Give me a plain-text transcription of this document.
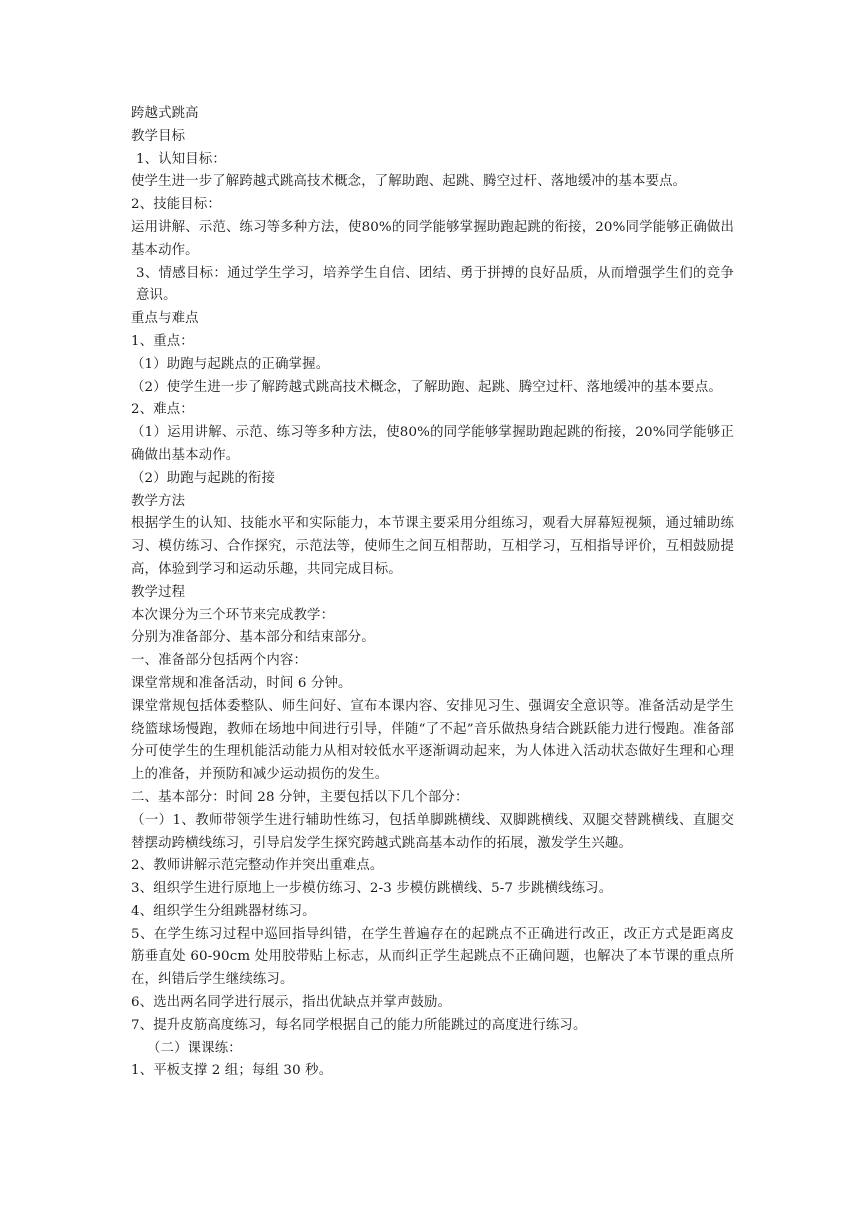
跨越式跳高

教学目标

1、认知目标：

使学生进一步了解跨越式跳高技术概念，了解助跑、起跳、腾空过杆、落地缓冲的基本要点。

2、技能目标：

运用讲解、示范、练习等多种方法，使80%的同学能够掌握助跑起跳的衔接，20%同学能够正确做出基本动作。

3、情感目标：通过学生学习，培养学生自信、团结、勇于拼搏的良好品质，从而增强学生们的竞争意识。

重点与难点

1、重点：

（1）助跑与起跳点的正确掌握。

（2）使学生进一步了解跨越式跳高技术概念，了解助跑、起跳、腾空过杆、落地缓冲的基本要点。

2、难点：

（1）运用讲解、示范、练习等多种方法，使80%的同学能够掌握助跑起跳的衔接，20%同学能够正确做出基本动作。

（2）助跑与起跳的衔接

教学方法

根据学生的认知、技能水平和实际能力，本节课主要采用分组练习，观看大屏幕短视频，通过辅助练习、模仿练习、合作探究，示范法等，使师生之间互相帮助，互相学习，互相指导评价，互相鼓励提高，体验到学习和运动乐趣，共同完成目标。

教学过程

本次课分为三个环节来完成教学：

分别为准备部分、基本部分和结束部分。

一、准备部分包括两个内容：

课堂常规和准备活动，时间 6 分钟。

课堂常规包括体委整队、师生问好、宣布本课内容、安排见习生、强调安全意识等。准备活动是学生绕篮球场慢跑，教师在场地中间进行引导，伴随“了不起”音乐做热身结合跳跃能力进行慢跑。准备部分可使学生的生理机能活动能力从相对较低水平逐渐调动起来，为人体进入活动状态做好生理和心理上的准备，并预防和减少运动损伤的发生。

二、基本部分：时间 28 分钟，主要包括以下几个部分：

（一）1、教师带领学生进行辅助性练习，包括单脚跳横线、双脚跳横线、双腿交替跳横线、直腿交替摆动跨横线练习，引导启发学生探究跨越式跳高基本动作的拓展，激发学生兴趣。

2、教师讲解示范完整动作并突出重难点。

3、组织学生进行原地上一步模仿练习、2-3 步模仿跳横线、5-7 步跳横线练习。

4、组织学生分组跳器材练习。

5、在学生练习过程中巡回指导纠错，在学生普遍存在的起跳点不正确进行改正，改正方式是距离皮筋垂直处 60-90cm 处用胶带贴上标志，从而纠正学生起跳点不正确问题，也解决了本节课的重点所在，纠错后学生继续练习。

6、选出两名同学进行展示，指出优缺点并掌声鼓励。

7、提升皮筋高度练习，每名同学根据自己的能力所能跳过的高度进行练习。

（二）课课练：

1、平板支撑 2 组；每组 30 秒。
